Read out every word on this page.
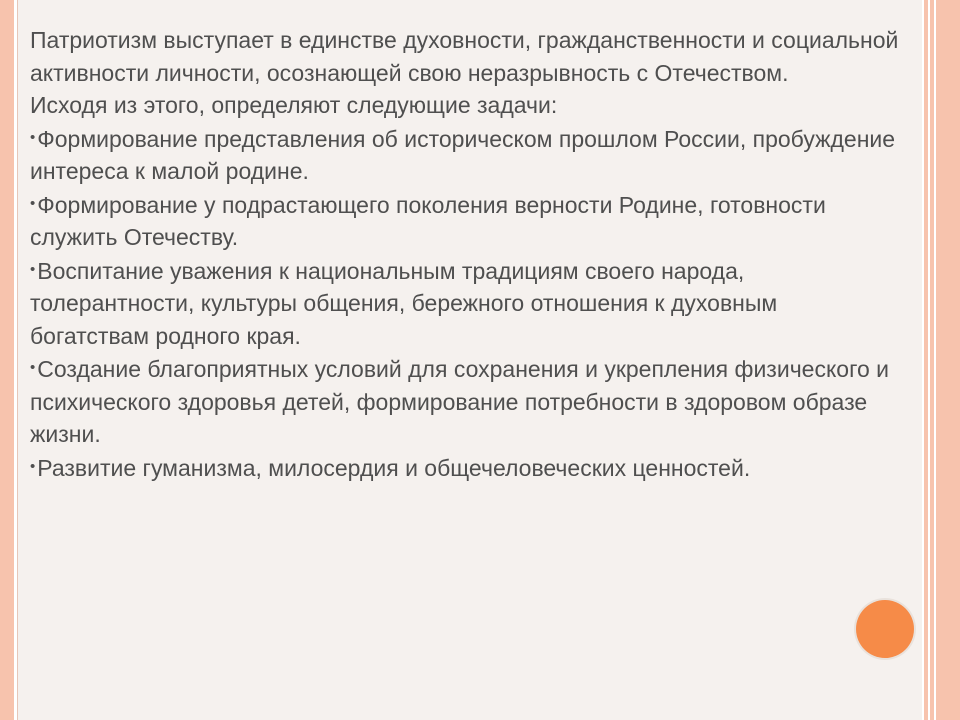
Патриотизм выступает в единстве духовности, гражданственности и социальной активности личности, осознающей свою неразрывность с Отечеством.

Исходя из этого, определяют следующие задачи:

•Формирование представления об историческом прошлом России, пробуждение интереса к малой родине.

•Формирование у подрастающего поколения верности Родине, готовности служить Отечеству.

•Воспитание уважения к национальным традициям своего народа, толерантности, культуры общения, бережного отношения к духовным богатствам родного края.

•Создание благоприятных условий для сохранения и укрепления физического и психического здоровья детей, формирование потребности в здоровом образе жизни.

•Развитие гуманизма, милосердия и общечеловеческих ценностей.
